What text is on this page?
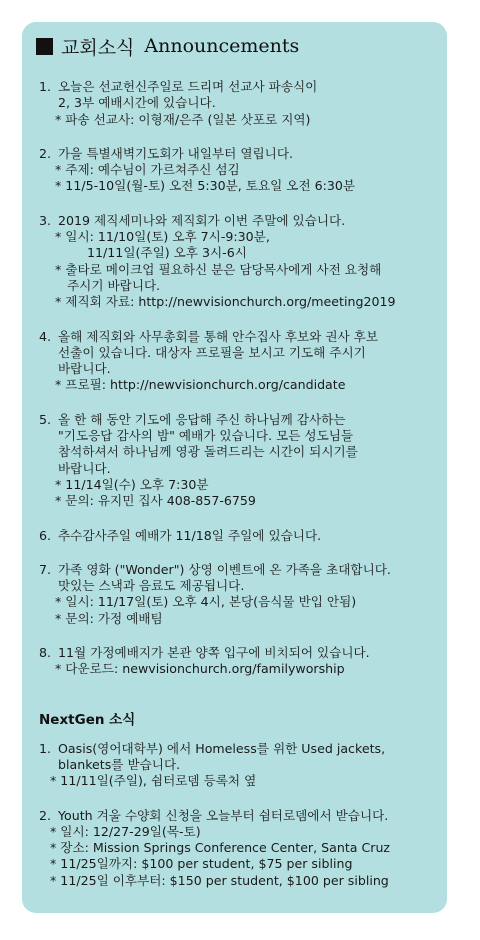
교회소식 Announcements
1. 오늘은 선교헌신주일로 드리며 선교사 파송식이
2, 3부 예배시간에 있습니다.
* 파송 선교사: 이형재/은주 (일본 삿포로 지역)
2. 가을 특별새벽기도회가 내일부터 열립니다.
* 주제: 예수님이 가르쳐주신 섬김
* 11/5-10일(월-토) 오전 5:30분, 토요일 오전 6:30분
3. 2019 제직세미나와 제직회가 이번 주말에 있습니다.
* 일시: 11/10일(토) 오후 7시-9:30분,
11/11일(주일) 오후 3시-6시
* 출타로 메이크업 필요하신 분은 담당목사에게 사전 요청해
주시기 바랍니다.
* 제직회 자료: http://newvisionchurch.org/meeting2019
4. 올해 제직회와 사무총회를 통해 안수집사 후보와 권사 후보
선출이 있습니다. 대상자 프로필을 보시고 기도해 주시기
바랍니다.
* 프로필: http://newvisionchurch.org/candidate
5. 올 한 해 동안 기도에 응답해 주신 하나님께 감사하는
"기도응답 감사의 밤" 예배가 있습니다. 모든 성도님들
참석하셔서 하나님께 영광 돌려드리는 시간이 되시기를
바랍니다.
* 11/14일(수) 오후 7:30분
* 문의: 유지민 집사 408-857-6759
6. 추수감사주일 예배가 11/18일 주일에 있습니다.
7. 가족 영화 ("Wonder") 상영 이벤트에 온 가족을 초대합니다.
맛있는 스낵과 음료도 제공됩니다.
* 일시: 11/17일(토) 오후 4시, 본당(음식물 반입 안됨)
* 문의: 가정 예배팀
8. 11월 가정예배지가 본관 양쪽 입구에 비치되어 있습니다.
* 다운로드: newvisionchurch.org/familyworship
NextGen 소식
1. Oasis(영어대학부) 에서 Homeless를 위한 Used jackets,
blankets를 받습니다.
* 11/11일(주일), 쉼터로뎀 등록처 옆
2. Youth 겨울 수양회 신청을 오늘부터 쉼터로뎀에서 받습니다.
* 일시: 12/27-29일(목-토)
* 장소: Mission Springs Conference Center, Santa Cruz
* 11/25일까지: $100 per student, $75 per sibling
* 11/25일 이후부터: $150 per student, $100 per sibling
